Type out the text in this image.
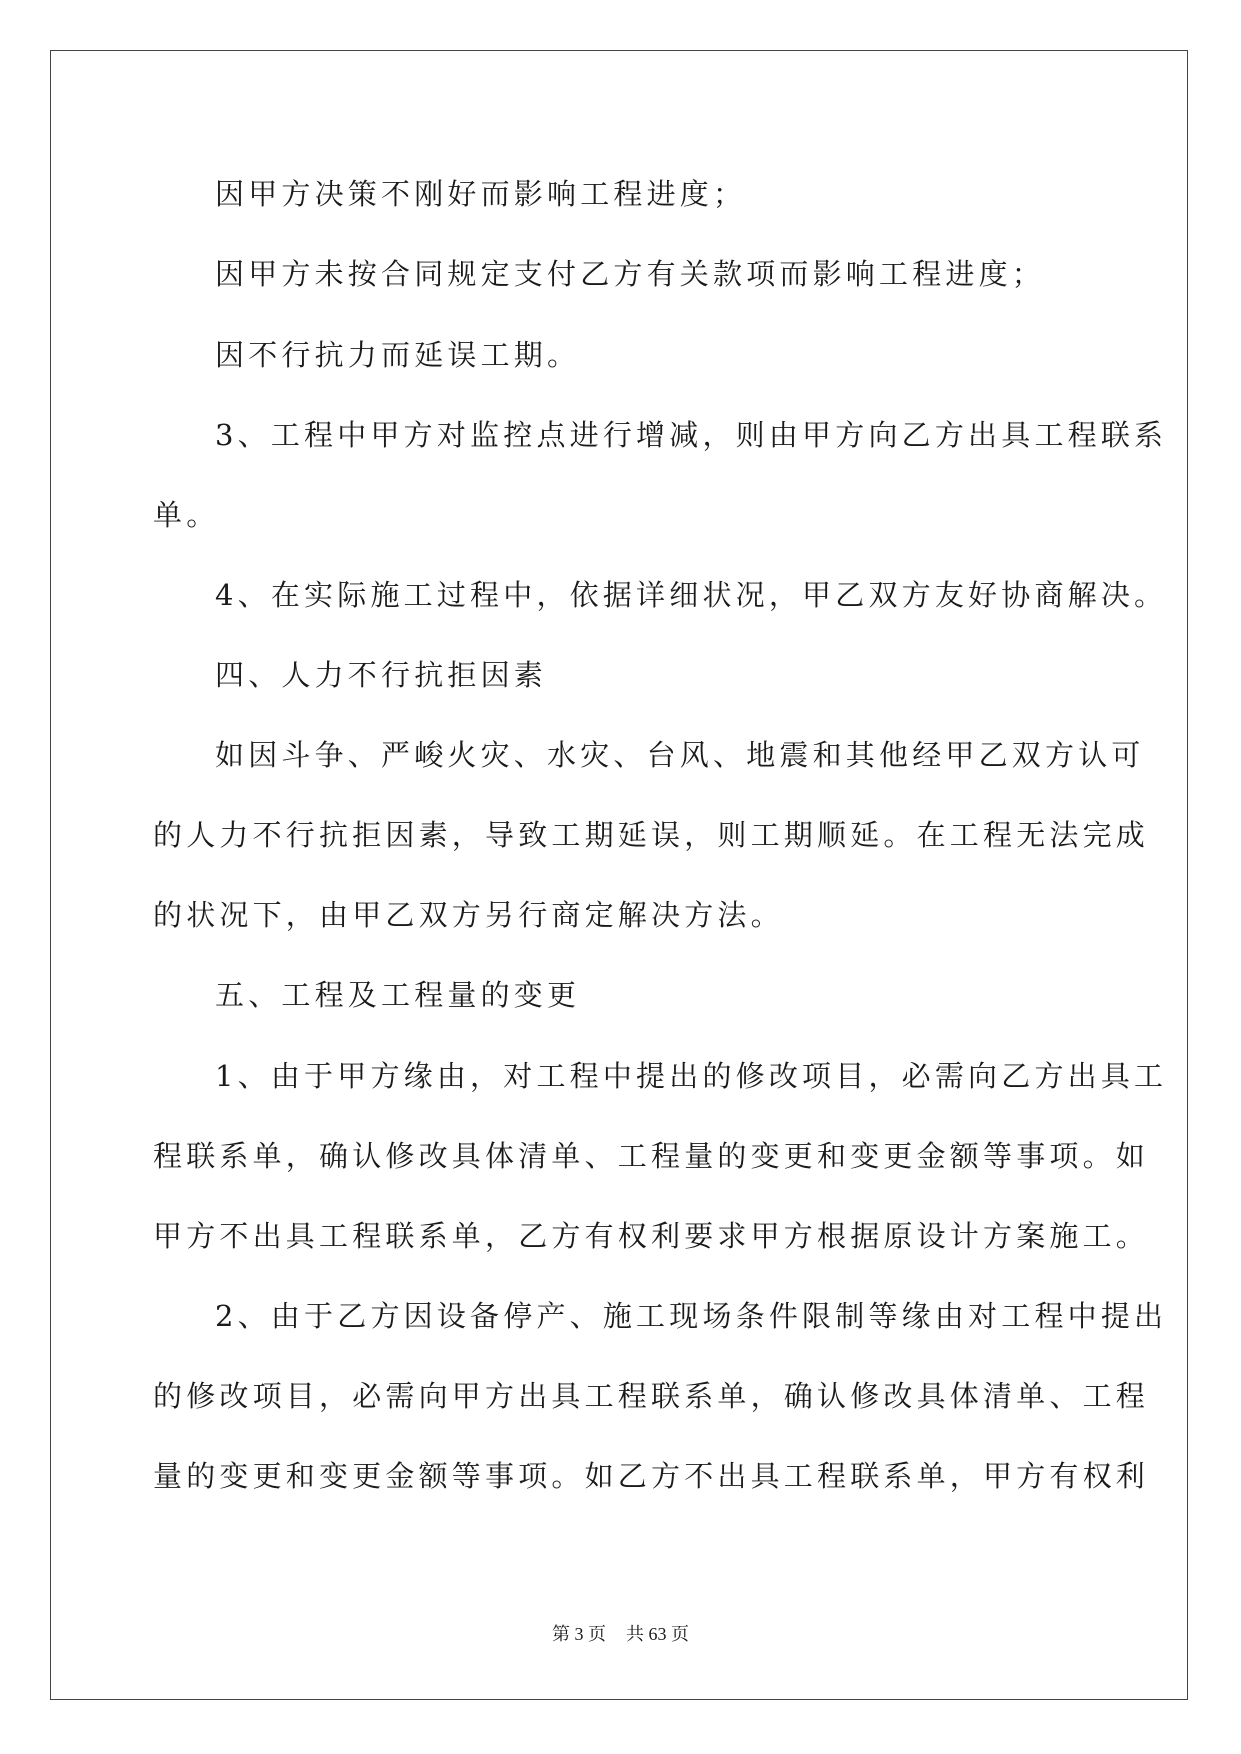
因甲方决策不刚好而影响工程进度；
因甲方未按合同规定支付乙方有关款项而影响工程进度；
因不行抗力而延误工期。
3、工程中甲方对监控点进行增减，则由甲方向乙方出具工程联系
单。
4、在实际施工过程中，依据详细状况，甲乙双方友好协商解决。
四、人力不行抗拒因素
如因斗争、严峻火灾、水灾、台风、地震和其他经甲乙双方认可
的人力不行抗拒因素，导致工期延误，则工期顺延。在工程无法完成
的状况下，由甲乙双方另行商定解决方法。
五、工程及工程量的变更
1、由于甲方缘由，对工程中提出的修改项目，必需向乙方出具工
程联系单，确认修改具体清单、工程量的变更和变更金额等事项。如
甲方不出具工程联系单，乙方有权利要求甲方根据原设计方案施工。
2、由于乙方因设备停产、施工现场条件限制等缘由对工程中提出
的修改项目，必需向甲方出具工程联系单，确认修改具体清单、工程
量的变更和变更金额等事项。如乙方不出具工程联系单，甲方有权利
第 3 页 共 63 页
